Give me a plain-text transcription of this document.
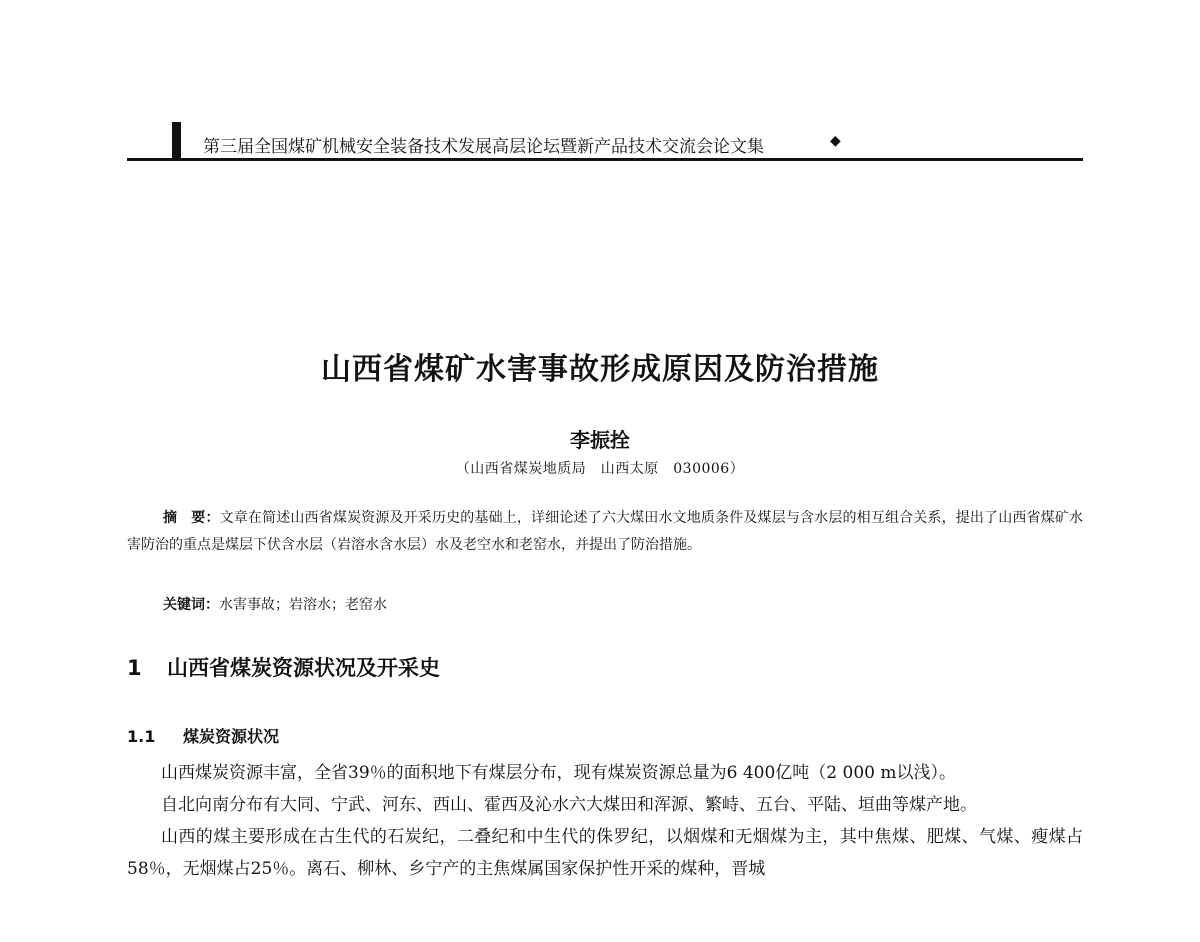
第三届全国煤矿机械安全装备技术发展高层论坛暨新产品技术交流会论文集	◆
山西省煤矿水害事故形成原因及防治措施
李振拴
（山西省煤炭地质局　山西太原　030006）
摘　要：文章在简述山西省煤炭资源及开采历史的基础上，详细论述了六大煤田水文地质条件及煤层与含水层的相互组合关系，提出了山西省煤矿水害防治的重点是煤层下伏含水层（岩溶水含水层）水及老空水和老窑水，并提出了防治措施。
关键词：水害事故；岩溶水；老窑水
1 山西省煤炭资源状况及开采史
1.1 煤炭资源状况

山西煤炭资源丰富，全省39％的面积地下有煤层分布，现有煤炭资源总量为6 400亿吨（2 000 m以浅）。

自北向南分布有大同、宁武、河东、西山、霍西及沁水六大煤田和浑源、繁峙、五台、平陆、垣曲等煤产地。

山西的煤主要形成在古生代的石炭纪，二叠纪和中生代的侏罗纪，以烟煤和无烟煤为主，其中焦煤、肥煤、气煤、瘦煤占58％，无烟煤占25％。离石、柳林、乡宁产的主焦煤属国家保护性开采的煤种，晋城
